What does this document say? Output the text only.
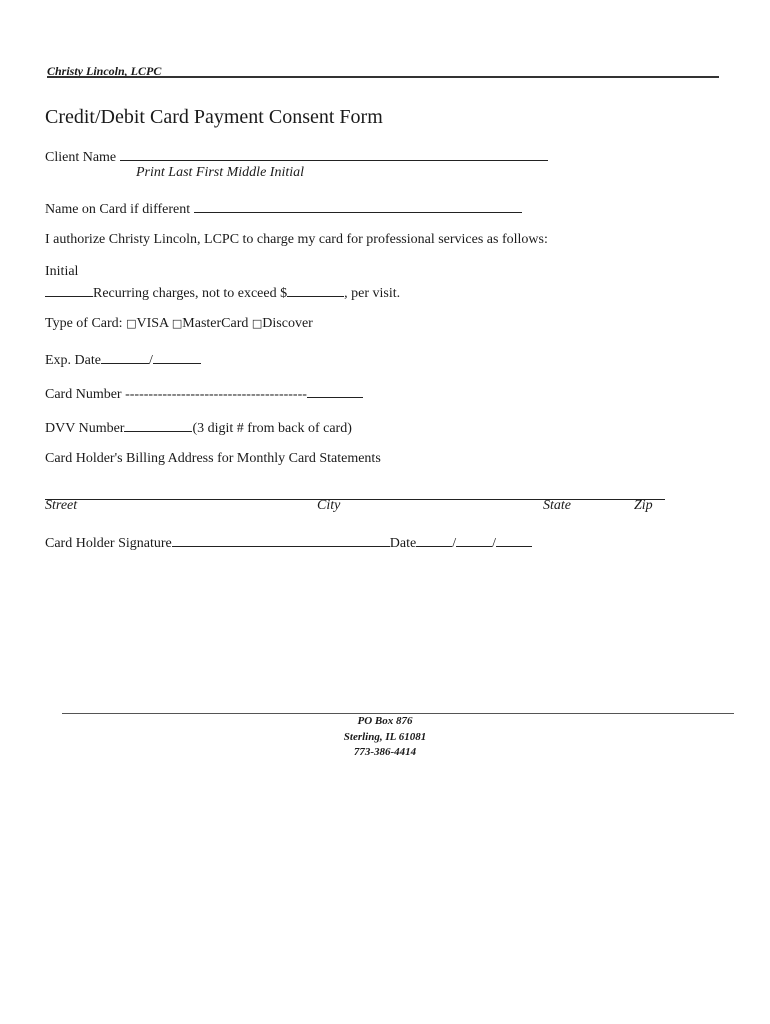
Christy Lincoln, LCPC
Credit/Debit Card Payment Consent Form
Client Name
Print Last First Middle Initial
Name on Card if different
I authorize Christy Lincoln, LCPC to charge my card for professional services as follows:
Initial
Recurring charges, not to exceed $	, per visit.
Type of Card: □VISA □MasterCard □Discover
Exp. Date	/
Card Number ---------------------------------------
DVV Number	(3 digit # from back of card)
Card Holder's Billing Address for Monthly Card Statements
Street	City	State	Zip
Card Holder Signature	Date	/	/
PO Box 876
Sterling, IL 61081
773-386-4414
